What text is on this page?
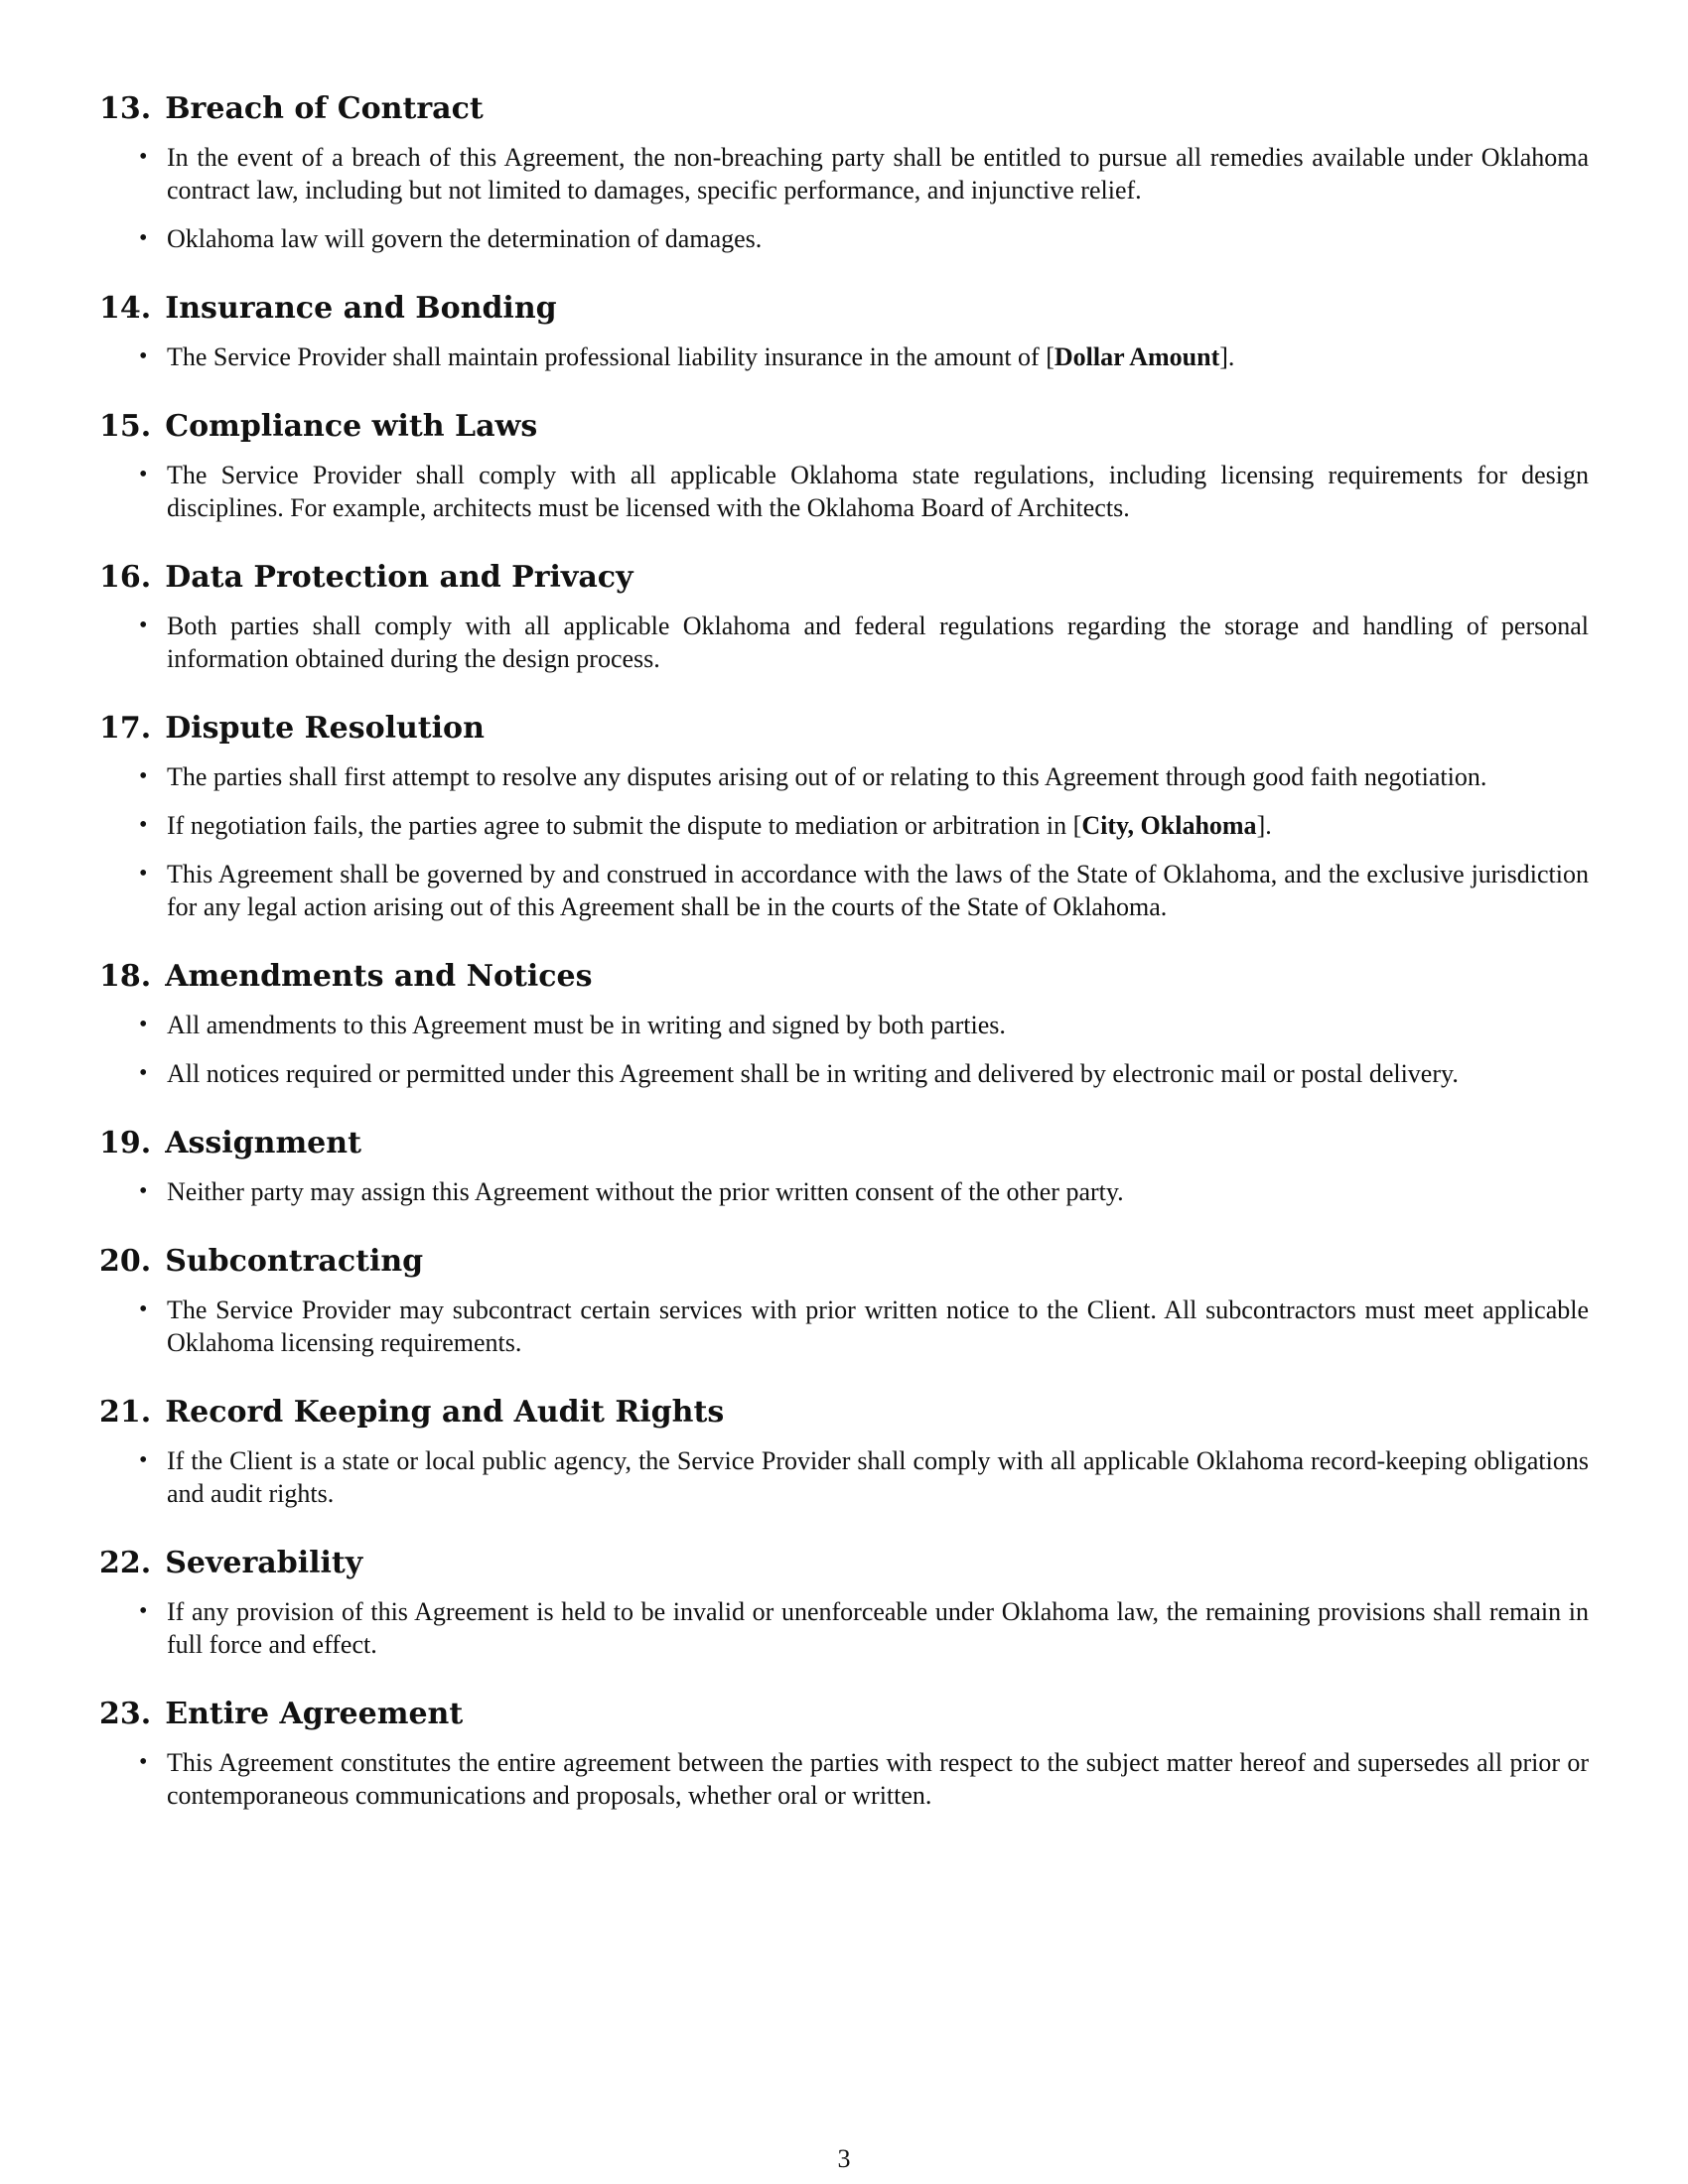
13. Breach of Contract
• In the event of a breach of this Agreement, the non-breaching party shall be entitled to pursue all remedies available under Oklahoma contract law, including but not limited to damages, specific performance, and injunctive relief.
• Oklahoma law will govern the determination of damages.
14. Insurance and Bonding
• The Service Provider shall maintain professional liability insurance in the amount of [Dollar Amount].
15. Compliance with Laws
• The Service Provider shall comply with all applicable Oklahoma state regulations, including licensing requirements for design disciplines. For example, architects must be licensed with the Oklahoma Board of Architects.
16. Data Protection and Privacy
• Both parties shall comply with all applicable Oklahoma and federal regulations regarding the storage and handling of personal information obtained during the design process.
17. Dispute Resolution
• The parties shall first attempt to resolve any disputes arising out of or relating to this Agreement through good faith negotiation.
• If negotiation fails, the parties agree to submit the dispute to mediation or arbitration in [City, Oklahoma].
• This Agreement shall be governed by and construed in accordance with the laws of the State of Oklahoma, and the exclusive jurisdiction for any legal action arising out of this Agreement shall be in the courts of the State of Oklahoma.
18. Amendments and Notices
• All amendments to this Agreement must be in writing and signed by both parties.
• All notices required or permitted under this Agreement shall be in writing and delivered by electronic mail or postal delivery.
19. Assignment
• Neither party may assign this Agreement without the prior written consent of the other party.
20. Subcontracting
• The Service Provider may subcontract certain services with prior written notice to the Client. All subcontractors must meet applicable Oklahoma licensing requirements.
21. Record Keeping and Audit Rights
• If the Client is a state or local public agency, the Service Provider shall comply with all applicable Oklahoma record-keeping obligations and audit rights.
22. Severability
• If any provision of this Agreement is held to be invalid or unenforceable under Oklahoma law, the remaining provisions shall remain in full force and effect.
23. Entire Agreement
• This Agreement constitutes the entire agreement between the parties with respect to the subject matter hereof and supersedes all prior or contemporaneous communications and proposals, whether oral or written.
3
